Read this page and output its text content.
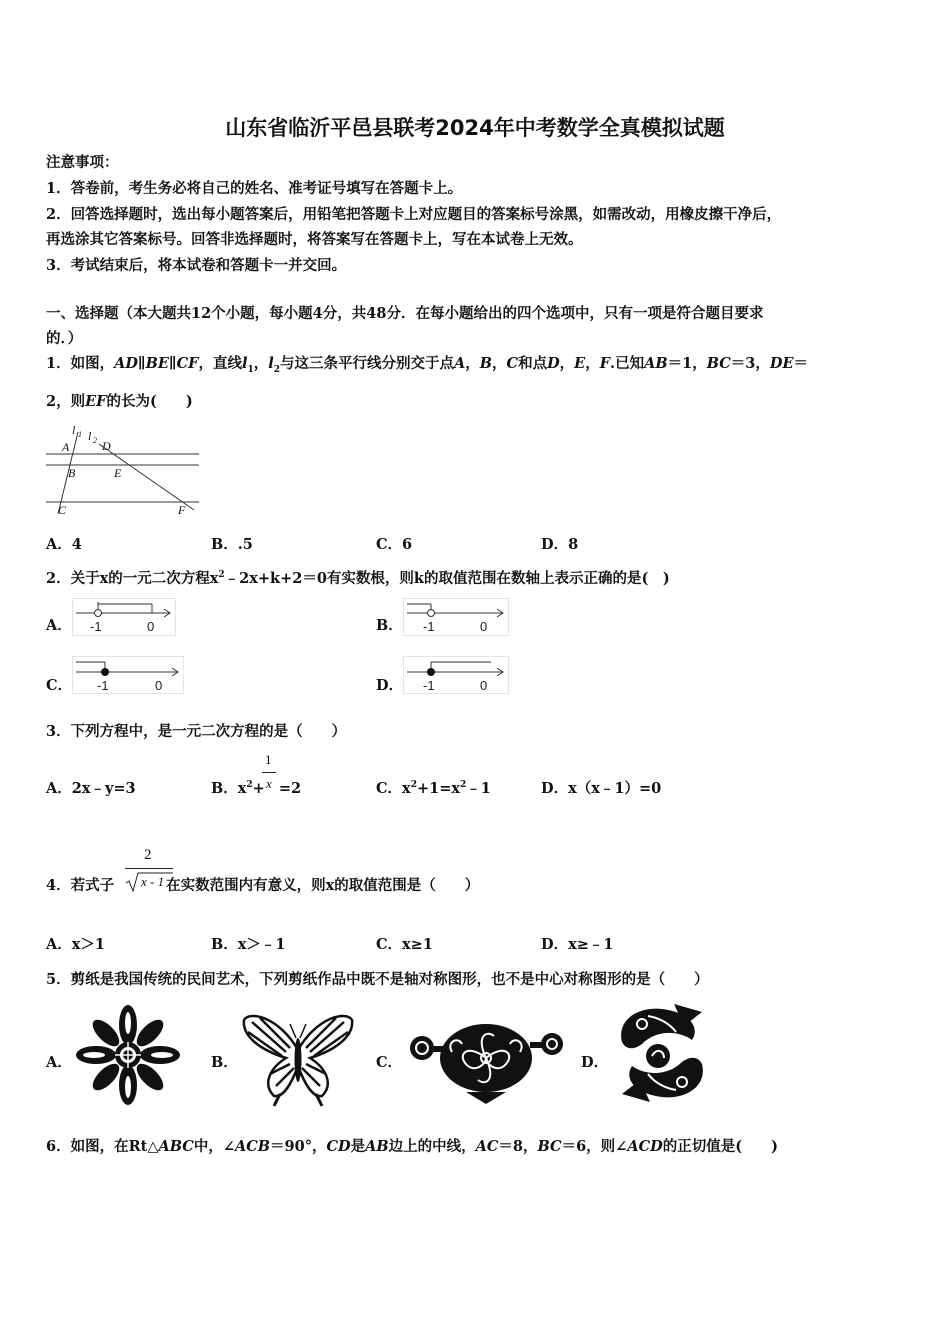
山东省临沂平邑县联考2024年中考数学全真模拟试题
注意事项：
1．答卷前，考生务必将自己的姓名、准考证号填写在答题卡上。
2．回答选择题时，选出每小题答案后，用铅笔把答题卡上对应题目的答案标号涂黑，如需改动，用橡皮擦干净后，
再选涂其它答案标号。回答非选择题时，将答案写在答题卡上，写在本试卷上无效。
3．考试结束后，将本试卷和答题卡一并交回。
一、选择题（本大题共12个小题，每小题4分，共48分．在每小题给出的四个选项中，只有一项是符合题目要求
的．）
1．如图，AD∥BE∥CF，直线$l_1$，$l_2$与这三条平行线分别交于点A，B，C和点D，E，F.已知AB＝1，BC＝3，DE＝
2，则EF的长为(　　)
l 1 l 2
A	D
B	E
C	F
A．4	B．.5	C．6	D．8
2．关于x的一元二次方程$x^2﹣2x+k+2=0$有实数根，则k的取值范围在数轴上表示正确的是(　)
A． -1	0	B． -1	0
C． -1	0	D． -1	0
3．下列方程中，是一元二次方程的是（　　）
A．2x﹣y=3	B．$x^2+ =2$
1
x	C．$x^2+1=x^2﹣1$	D．x（x﹣1）=0
4．若式子	在实数范围内有意义，则x的取值范围是（　　）
2
x - 1
A．x＞1	B．x＞﹣1	C．x≥1	D．x≥﹣1
5．剪纸是我国传统的民间艺术，下列剪纸作品中既不是轴对称图形，也不是中心对称图形的是（　　）
A．	B．	C．	D．
6．如图，在Rt△ABC中，∠ACB＝90°，CD是AB边上的中线，AC＝8，BC＝6，则∠ACD的正切值是(　　)
